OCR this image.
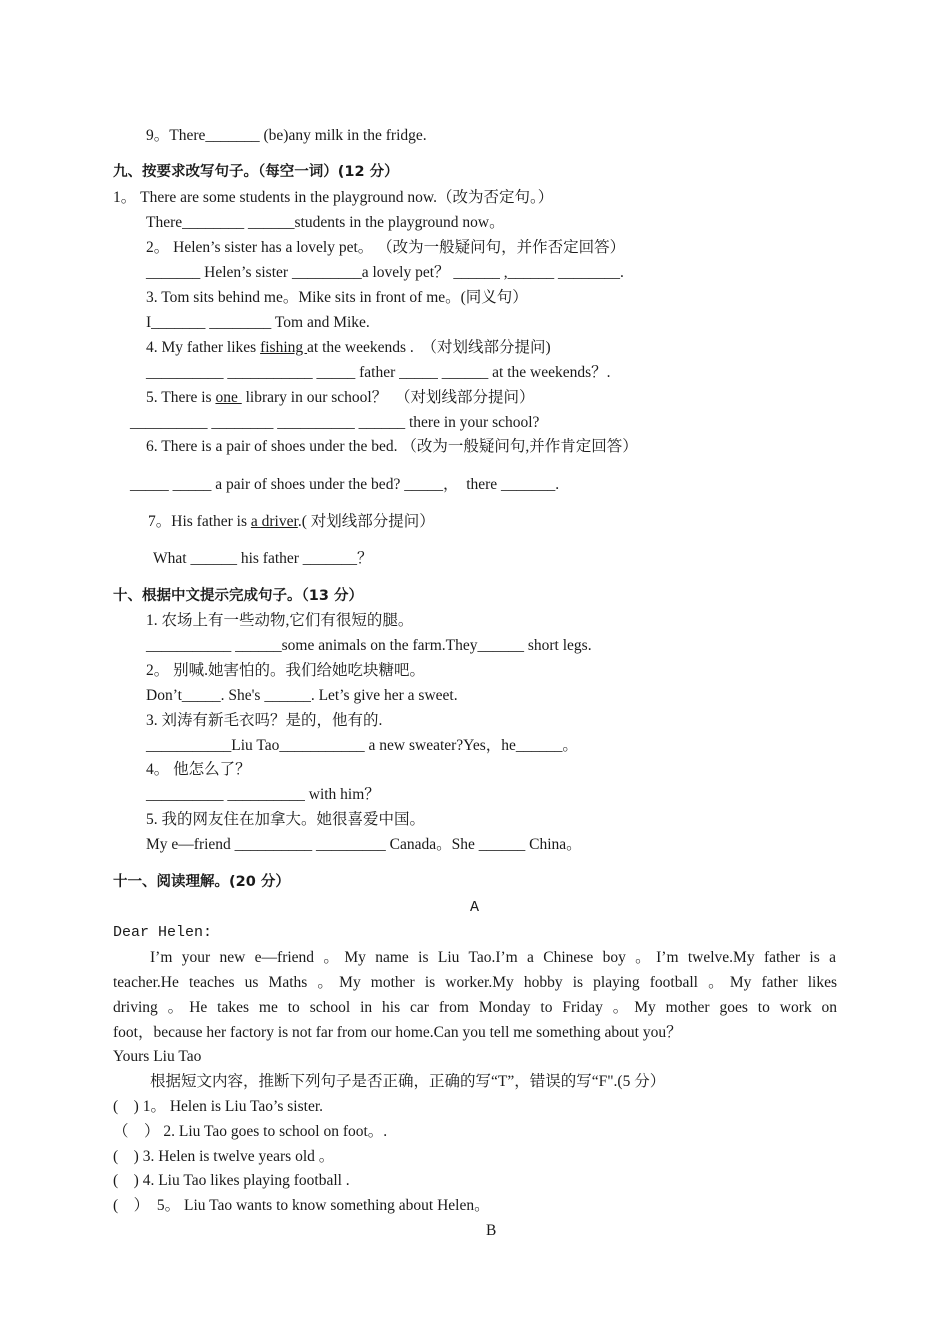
9。There_______ (be)any milk in the fridge.
九、按要求改写句子。（每空一词）(12 分）
1。 There are some students in the playground now.（改为否定句。）
There________ ______students in the playground now。
2。 Helen’s sister has a lovely pet。 （改为一般疑问句，并作否定回答）
_______ Helen’s sister _________a lovely pet？ ______ ,______ ________.
3. Tom sits behind me。Mike sits in front of me。(同义句）
I_______ ________ Tom and Mike.
4. My father likes fishing at the weekends .  （对划线部分提问)
__________ ___________ _____ father _____ ______ at the weekends？.
5. There is one  library in our school？  （对划线部分提问）
__________ ________ __________ ______ there in your school?
6. There is a pair of shoes under the bed. （改为一般疑问句,并作肯定回答）
_____ _____ a pair of shoes under the bed? _____，  there _______.
7。His father is a driver.( 对划线部分提问）
What ______ his father _______？
十、根据中文提示完成句子。（13 分）
1. 农场上有一些动物,它们有很短的腿。
___________ ______some animals on the farm.They______ short legs.
2。 别喊.她害怕的。我们给她吃块糖吧。
Don’t_____. She's ______. Let’s give her a sweet.
3. 刘涛有新毛衣吗？是的，他有的.
___________Liu Tao___________ a new sweater?Yes，he______。
4。 他怎么了？
__________ __________ with him？
5. 我的网友住在加拿大。她很喜爱中国。
My e—friend __________ _________ Canada。She ______ China。
十一、阅读理解。(20 分）
A
Dear Helen:
I’m your new e—friend 。My name is Liu Tao.I’m a Chinese boy 。I’m twelve.My father is a
teacher.He teaches us Maths 。My mother is worker.My hobby is playing football 。My father likes
driving 。He takes me to school in his car from Monday to Friday 。My mother goes to work on
foot，because her factory is not far from our home.Can you tell me something about you？
Yours Liu Tao
根据短文内容，推断下列句子是否正确，正确的写“T”，错误的写“F".(5 分）
(    ) 1。 Helen is Liu Tao’s sister.
（    ） 2. Liu Tao goes to school on foot。.
(    ) 3. Helen is twelve years old 。
(    ) 4. Liu Tao likes playing football .
(    ）  5。 Liu Tao wants to know something about Helen。
B
